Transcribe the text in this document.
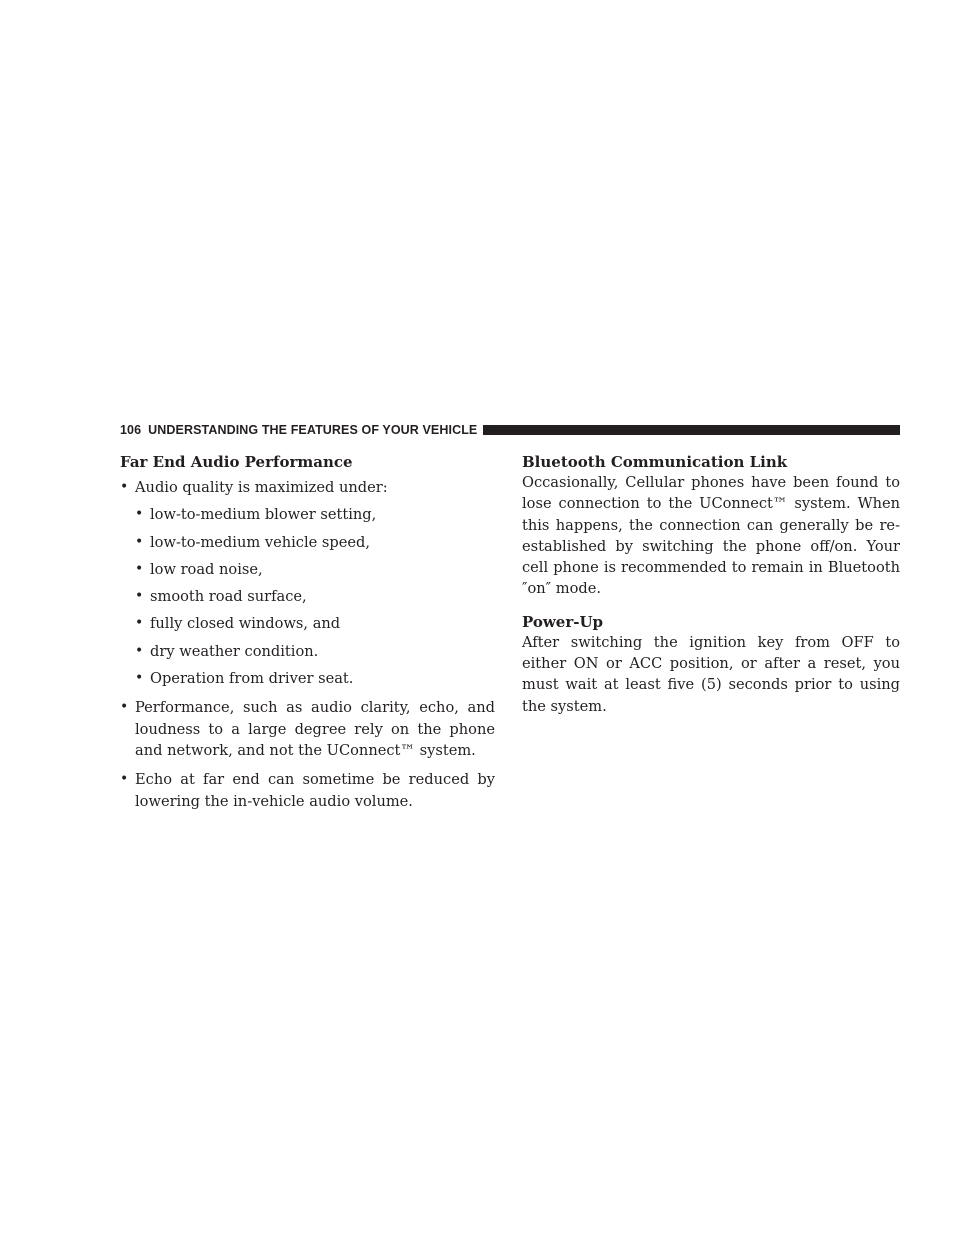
106 UNDERSTANDING THE FEATURES OF YOUR VEHICLE

Far End Audio Performance

• Audio quality is maximized under:
• low-to-medium blower setting,
• low-to-medium vehicle speed,
• low road noise,
• smooth road surface,
• fully closed windows, and
• dry weather condition.
• Operation from driver seat.
• Performance, such as audio clarity, echo, and loudness to a large degree rely on the phone and network, and not the UConnect™ system.
• Echo at far end can sometime be reduced by lowering the in-vehicle audio volume.

Bluetooth Communication Link

Occasionally, Cellular phones have been found to lose connection to the UConnect™ system. When this happens, the connection can generally be re-established by switching the phone off/on. Your cell phone is recommended to remain in Bluetooth ″on″ mode.

Power-Up

After switching the ignition key from OFF to either ON or ACC position, or after a reset, you must wait at least five (5) seconds prior to using the system.
